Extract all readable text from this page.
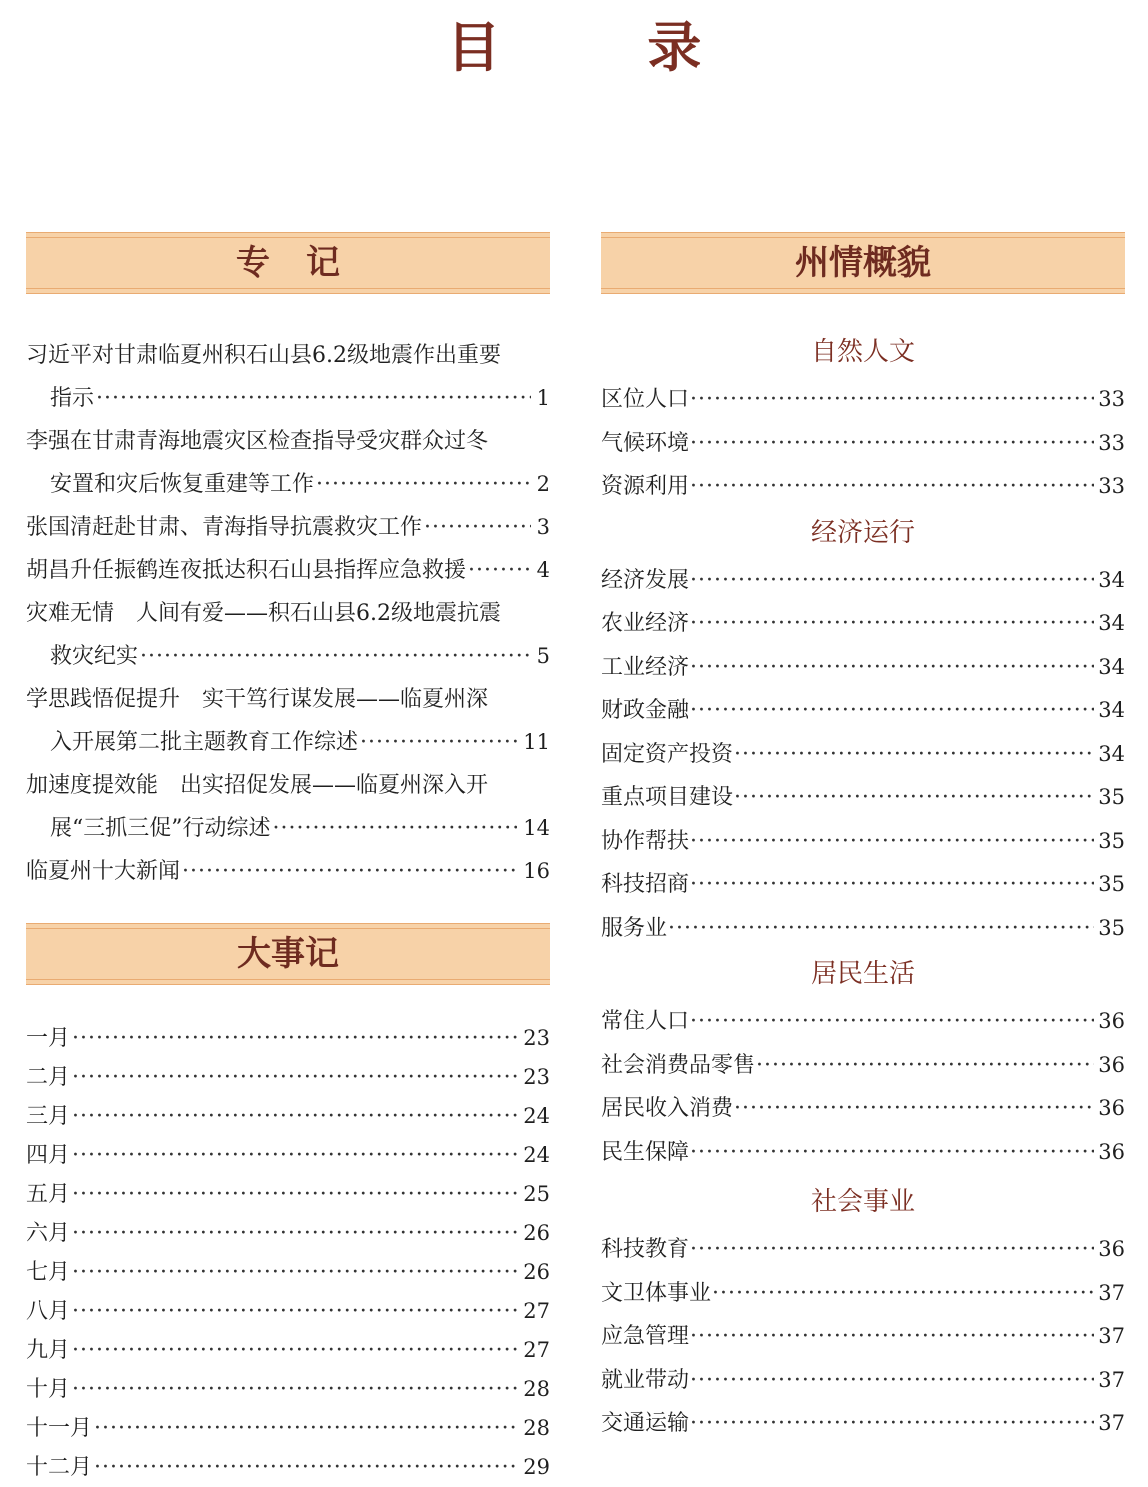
目 录
专记
习近平对甘肃临夏州积石山县6.2级地震作出重要
指示 ·····	1
李强在甘肃青海地震灾区检查指导受灾群众过冬
安置和灾后恢复重建等工作 ·····	2
张国清赶赴甘肃、青海指导抗震救灾工作 ·····	3
胡昌升任振鹤连夜抵达积石山县指挥应急救援 ·····	4
灾难无情　人间有爱——积石山县6.2级地震抗震
救灾纪实 ·····	5
学思践悟促提升　实干笃行谋发展——临夏州深
入开展第二批主题教育工作综述 ·····	11
加速度提效能　出实招促发展——临夏州深入开
展“三抓三促”行动综述 ·····	14
临夏州十大新闻 ·····	16
大事记
一月 ·····	23
二月 ·····	23
三月 ·····	24
四月 ·····	24
五月 ·····	25
六月 ·····	26
七月 ·····	26
八月 ·····	27
九月 ·····	27
十月 ·····	28
十一月 ·····	28
十二月 ·····	29
州情概貌
自然人文
区位人口 ·····	33
气候环境 ·····	33
资源利用 ·····	33
经济运行
经济发展 ·····	34
农业经济 ·····	34
工业经济 ·····	34
财政金融 ·····	34
固定资产投资 ·····	34
重点项目建设 ·····	35
协作帮扶 ·····	35
科技招商 ·····	35
服务业 ·····	35
居民生活
常住人口 ·····	36
社会消费品零售 ·····	36
居民收入消费 ·····	36
民生保障 ·····	36
社会事业
科技教育 ·····	36
文卫体事业 ·····	37
应急管理 ·····	37
就业带动 ·····	37
交通运输 ·····	37
